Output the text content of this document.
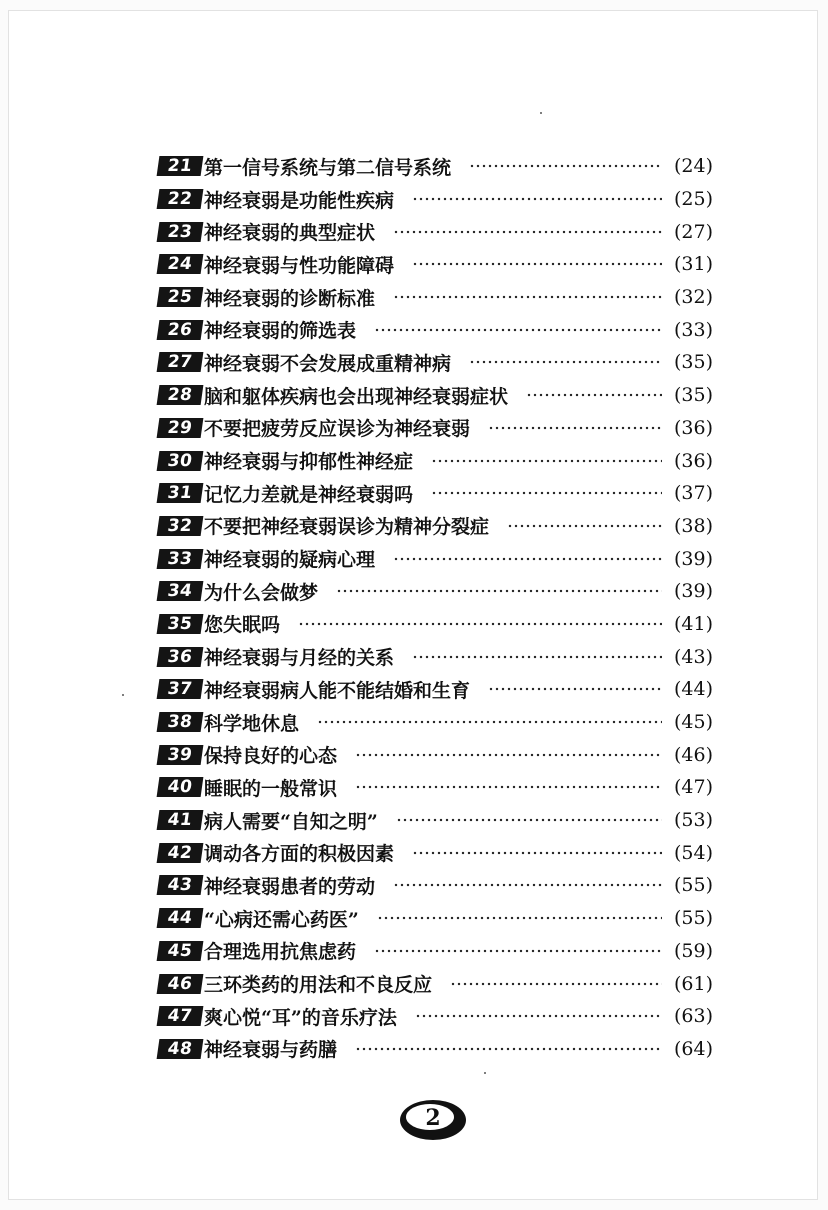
21 第一信号系统与第二信号系统	(24)
22 神经衰弱是功能性疾病	(25)
23 神经衰弱的典型症状	(27)
24 神经衰弱与性功能障碍	(31)
25 神经衰弱的诊断标准	(32)
26 神经衰弱的筛选表	(33)
27 神经衰弱不会发展成重精神病	(35)
28 脑和躯体疾病也会出现神经衰弱症状	(35)
29 不要把疲劳反应误诊为神经衰弱	(36)
30 神经衰弱与抑郁性神经症	(36)
31 记忆力差就是神经衰弱吗	(37)
32 不要把神经衰弱误诊为精神分裂症	(38)
33 神经衰弱的疑病心理	(39)
34 为什么会做梦	(39)
35 您失眠吗	(41)
36 神经衰弱与月经的关系	(43)
37 神经衰弱病人能不能结婚和生育	(44)
38 科学地休息	(45)
39 保持良好的心态	(46)
40 睡眠的一般常识	(47)
41 病人需要“自知之明”	(53)
42 调动各方面的积极因素	(54)
43 神经衰弱患者的劳动	(55)
44 “心病还需心药医”	(55)
45 合理选用抗焦虑药	(59)
46 三环类药的用法和不良反应	(61)
47 爽心悦“耳”的音乐疗法	(63)
48 神经衰弱与药膳	(64)
2
